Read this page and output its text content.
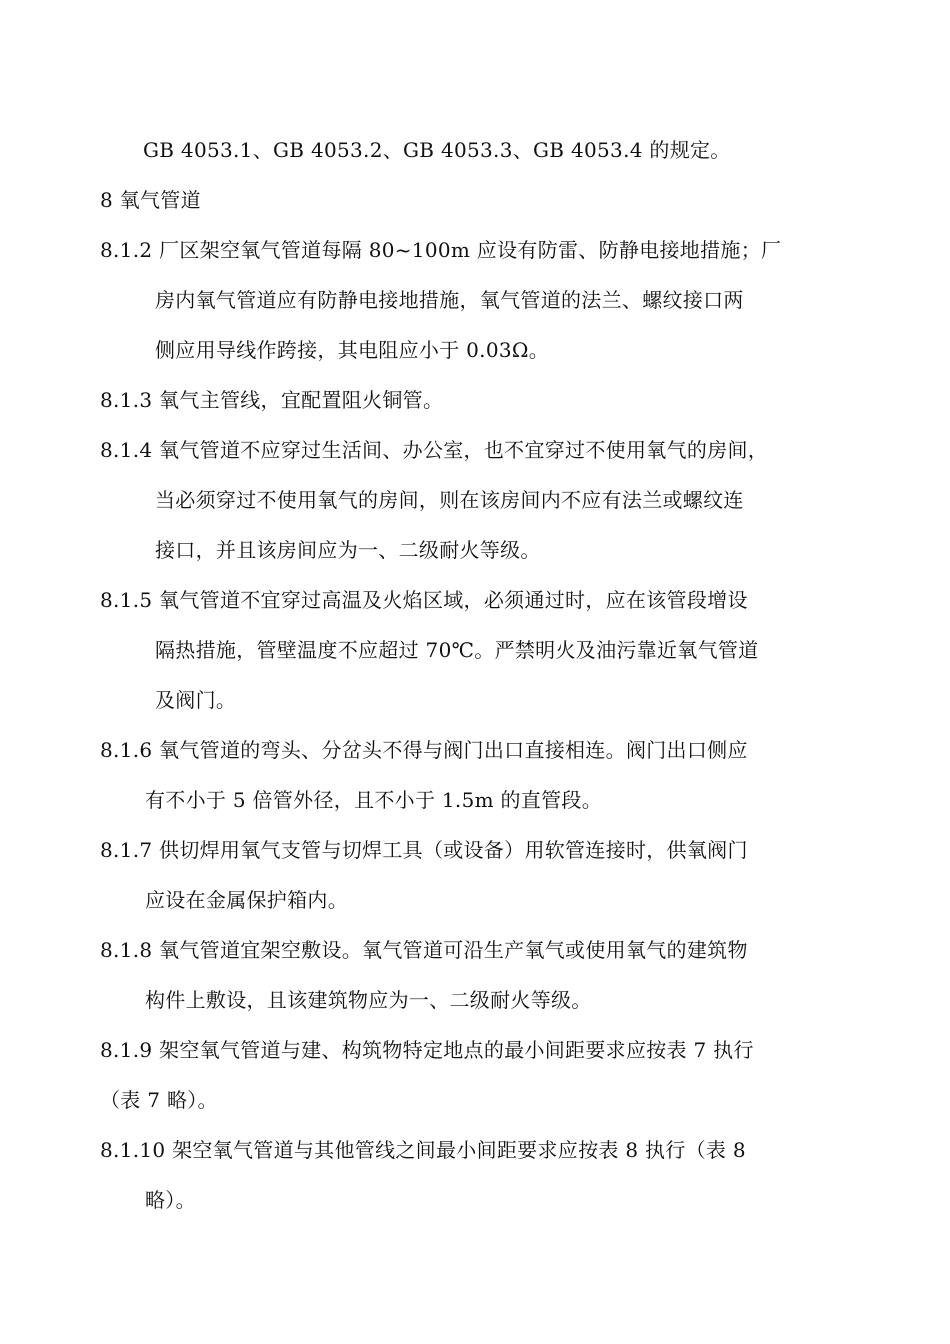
GB 4053.1、GB 4053.2、GB 4053.3、GB 4053.4 的规定。
8 氧气管道
8.1.2 厂区架空氧气管道每隔 80~100m 应设有防雷、防静电接地措施；厂
房内氧气管道应有防静电接地措施，氧气管道的法兰、螺纹接口两
侧应用导线作跨接，其电阻应小于 0.03Ω。
8.1.3 氧气主管线，宜配置阻火铜管。
8.1.4 氧气管道不应穿过生活间、办公室，也不宜穿过不使用氧气的房间，
当必须穿过不使用氧气的房间，则在该房间内不应有法兰或螺纹连
接口，并且该房间应为一、二级耐火等级。
8.1.5 氧气管道不宜穿过高温及火焰区域，必须通过时，应在该管段增设
隔热措施，管壁温度不应超过 70℃。严禁明火及油污靠近氧气管道
及阀门。
8.1.6 氧气管道的弯头、分岔头不得与阀门出口直接相连。阀门出口侧应
有不小于 5 倍管外径，且不小于 1.5m 的直管段。
8.1.7 供切焊用氧气支管与切焊工具（或设备）用软管连接时，供氧阀门
应设在金属保护箱内。
8.1.8 氧气管道宜架空敷设。氧气管道可沿生产氧气或使用氧气的建筑物
构件上敷设，且该建筑物应为一、二级耐火等级。
8.1.9 架空氧气管道与建、构筑物特定地点的最小间距要求应按表 7 执行
（表 7 略）。
8.1.10 架空氧气管道与其他管线之间最小间距要求应按表 8 执行（表 8
略）。
